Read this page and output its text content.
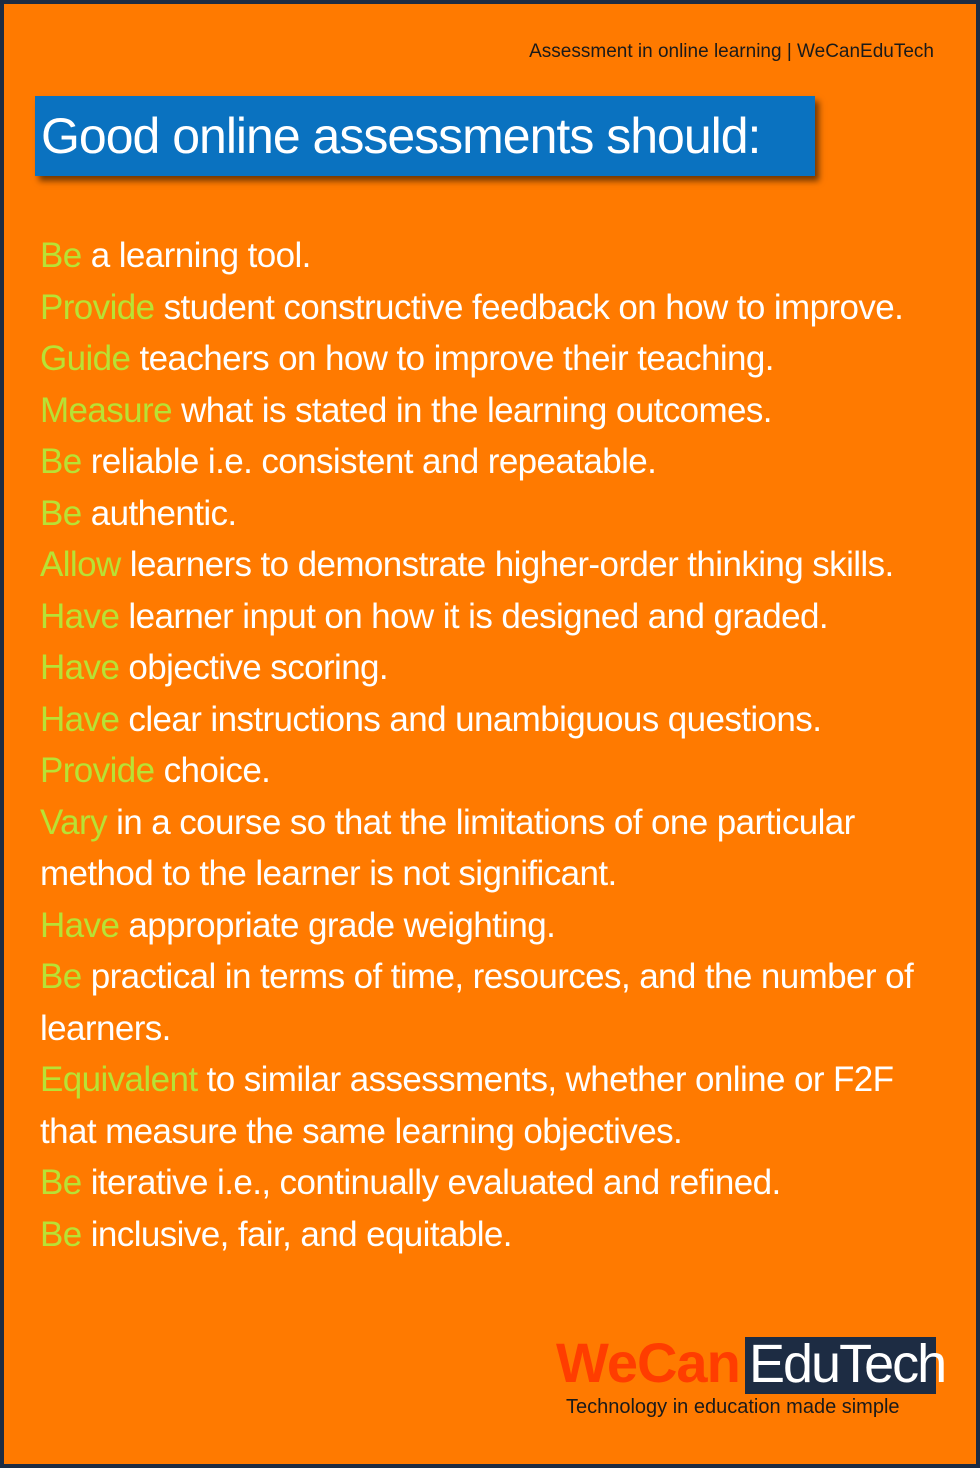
Assessment in online learning | WeCanEduTech
Good online assessments should:
Be a learning tool.
Provide student constructive feedback on how to improve.
Guide teachers on how to improve their teaching.
Measure what is stated in the learning outcomes.
Be reliable i.e. consistent and repeatable.
Be authentic.
Allow learners to demonstrate higher-order thinking skills.
Have learner input on how it is designed and graded.
Have objective scoring.
Have clear instructions and unambiguous questions.
Provide choice.
Vary in a course so that the limitations of one particular method to the learner is not significant.
Have appropriate grade weighting.
Be practical in terms of time, resources, and the number of learners.
Equivalent to similar assessments, whether online or F2F that measure the same learning objectives.
Be iterative i.e., continually evaluated and refined.
Be inclusive, fair, and equitable.
WeCan EduTech
Technology in education made simple
